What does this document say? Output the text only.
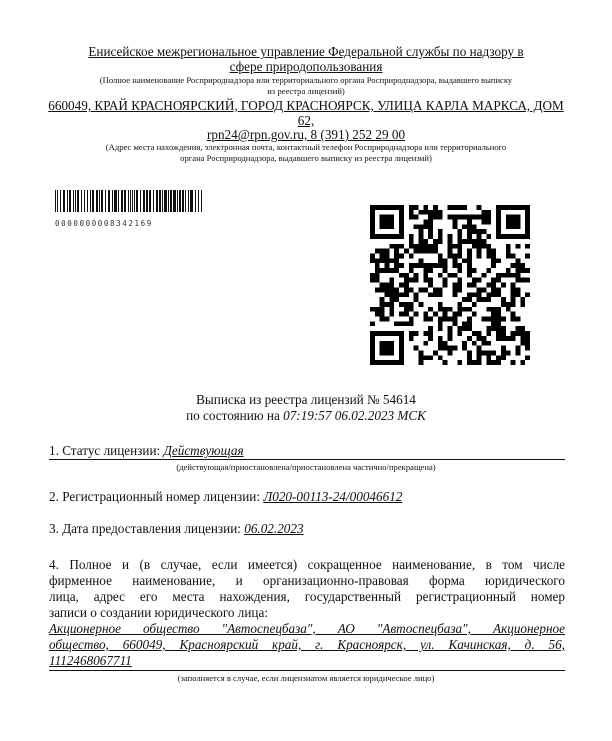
Енисейское межрегиональное управление Федеральной службы по надзору в
сфере природопользования
(Полное наименование Росприроднадзора или территориального органа Росприроднадзора, выдавшего выписку
из реестра лицензий)
660049, КРАЙ КРАСНОЯРСКИЙ, ГОРОД КРАСНОЯРСК, УЛИЦА КАРЛА МАРКСА, ДОМ
62,
rpn24@rpn.gov.ru, 8 (391) 252 29 00
(Адрес места нахождения, электронная почта, контактный телефон Росприроднадзора или территориального
органа Росприроднадзора, выдавшего выписку из реестра лицензий)
0000000008342169
Выписка из реестра лицензий № 54614
по состоянию на 07:19:57 06.02.2023 МСК
1. Статус лицензии: Действующая
(действующая/приостановлена/приостановлена частично/прекращена)
2. Регистрационный номер лицензии: Л020-00113-24/00046612
3. Дата предоставления лицензии: 06.02.2023
4. Полное и (в случае, если имеется) сокращенное наименование, в том числе
фирменное наименование, и организационно-правовая форма юридического
лица, адрес его места нахождения, государственный регистрационный номер
записи о создании юридического лица:
Акционерное общество "Автоспецбаза", АО "Автоспецбаза", Акционерное
общество, 660049, Красноярский край, г. Красноярск, ул. Качинская, д. 56,
1112468067711
(заполняется в случае, если лицензиатом является юридическое лицо)
